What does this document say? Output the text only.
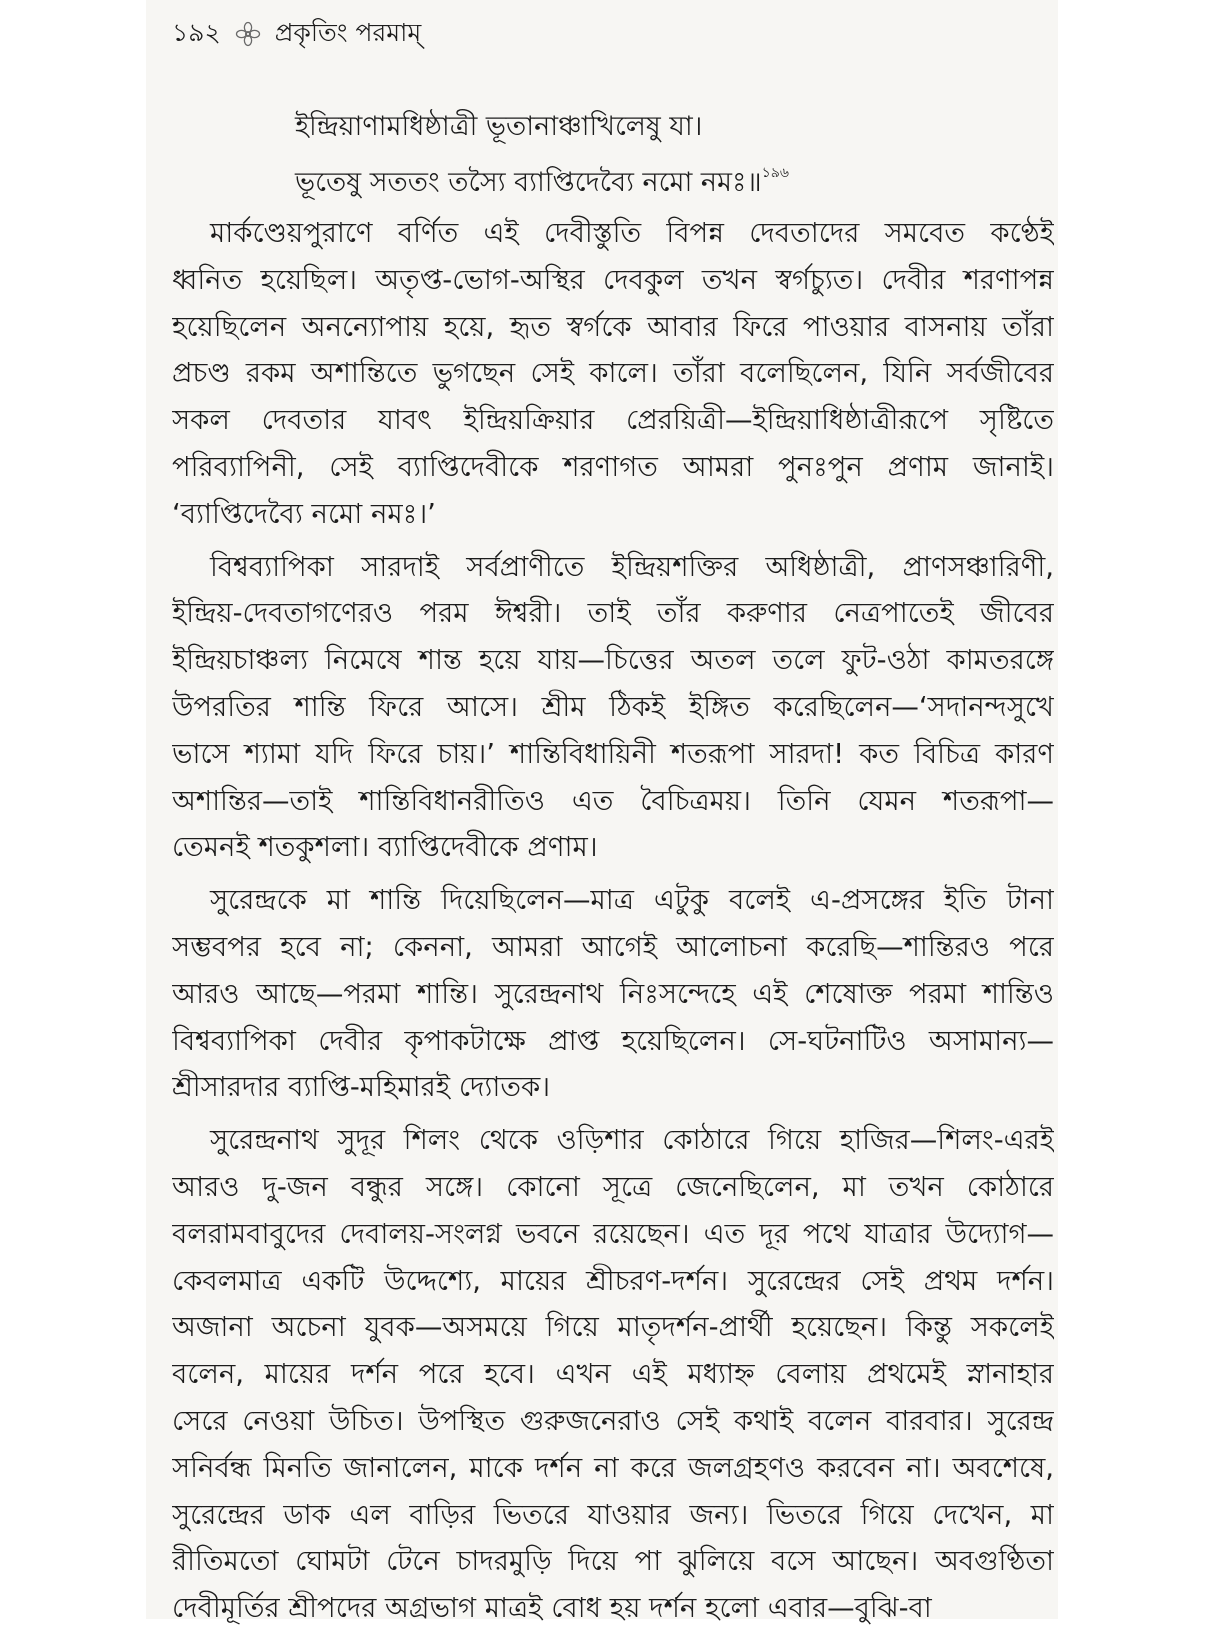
১৯২ প্রকৃতিং পরমাম্
ইন্দ্রিয়াণামধিষ্ঠাত্রী ভূতানাঞ্চাখিলেষু যা।
ভূতেষু সততং তস্যৈ ব্যাপ্তিদেব্যৈ নমো নমঃ॥$^{১৯৬}$
মার্কণ্ডেয়পুরাণে বর্ণিত এই দেবীস্তুতি বিপন্ন দেবতাদের সমবেত কণ্ঠেই
ধ্বনিত হয়েছিল। অতৃপ্ত-ভোগ-অস্থির দেবকুল তখন স্বর্গচ্যুত। দেবীর শরণাপন্ন
হয়েছিলেন অনন্যোপায় হয়ে, হৃত স্বর্গকে আবার ফিরে পাওয়ার বাসনায় তাঁরা
প্রচণ্ড রকম অশান্তিতে ভুগছেন সেই কালে। তাঁরা বলেছিলেন, যিনি সর্বজীবের
সকল দেবতার যাবৎ ইন্দ্রিয়ক্রিয়ার প্রেরয়িত্রী—ইন্দ্রিয়াধিষ্ঠাত্রীরূপে সৃষ্টিতে
পরিব্যাপিনী, সেই ব্যাপ্তিদেবীকে শরণাগত আমরা পুনঃপুন প্রণাম জানাই।
‘ব্যাপ্তিদেব্যৈ নমো নমঃ।’
বিশ্বব্যাপিকা সারদাই সর্বপ্রাণীতে ইন্দ্রিয়শক্তির অধিষ্ঠাত্রী, প্রাণসঞ্চারিণী,
ইন্দ্রিয়-দেবতাগণেরও পরম ঈশ্বরী। তাই তাঁর করুণার নেত্রপাতেই জীবের
ইন্দ্রিয়চাঞ্চল্য নিমেষে শান্ত হয়ে যায়—চিত্তের অতল তলে ফুট-ওঠা কামতরঙ্গে
উপরতির শান্তি ফিরে আসে। শ্রীম ঠিকই ইঙ্গিত করেছিলেন—‘সদানন্দসুখে
ভাসে শ্যামা যদি ফিরে চায়।’ শান্তিবিধায়িনী শতরূপা সারদা! কত বিচিত্র কারণ
অশান্তির—তাই শান্তিবিধানরীতিও এত বৈচিত্রময়। তিনি যেমন শতরূপা—
তেমনই শতকুশলা। ব্যাপ্তিদেবীকে প্রণাম।
সুরেন্দ্রকে মা শান্তি দিয়েছিলেন—মাত্র এটুকু বলেই এ-প্রসঙ্গের ইতি টানা
সম্ভবপর হবে না; কেননা, আমরা আগেই আলোচনা করেছি—শান্তিরও পরে
আরও আছে—পরমা শান্তি। সুরেন্দ্রনাথ নিঃসন্দেহে এই শেষোক্ত পরমা শান্তিও
বিশ্বব্যাপিকা দেবীর কৃপাকটাক্ষে প্রাপ্ত হয়েছিলেন। সে-ঘটনাটিও অসামান্য—
শ্রীসারদার ব্যাপ্তি-মহিমারই দ্যোতক।
সুরেন্দ্রনাথ সুদূর শিলং থেকে ওড়িশার কোঠারে গিয়ে হাজির—শিলং-এরই
আরও দু-জন বন্ধুর সঙ্গে। কোনো সূত্রে জেনেছিলেন, মা তখন কোঠারে
বলরামবাবুদের দেবালয়-সংলগ্ন ভবনে রয়েছেন। এত দূর পথে যাত্রার উদ্যোগ—
কেবলমাত্র একটি উদ্দেশ্যে, মায়ের শ্রীচরণ-দর্শন। সুরেন্দ্রের সেই প্রথম দর্শন।
অজানা অচেনা যুবক—অসময়ে গিয়ে মাতৃদর্শন-প্রার্থী হয়েছেন। কিন্তু সকলেই
বলেন, মায়ের দর্শন পরে হবে। এখন এই মধ্যাহ্ন বেলায় প্রথমেই স্নানাহার
সেরে নেওয়া উচিত। উপস্থিত গুরুজনেরাও সেই কথাই বলেন বারবার। সুরেন্দ্র
সনির্বন্ধ মিনতি জানালেন, মাকে দর্শন না করে জলগ্রহণও করবেন না। অবশেষে,
সুরেন্দ্রের ডাক এল বাড়ির ভিতরে যাওয়ার জন্য। ভিতরে গিয়ে দেখেন, মা
রীতিমতো ঘোমটা টেনে চাদরমুড়ি দিয়ে পা ঝুলিয়ে বসে আছেন। অবগুণ্ঠিতা
দেবীমূর্তির শ্রীপদের অগ্রভাগ মাত্রই বোধ হয় দর্শন হলো এবার—বুঝি-বা
